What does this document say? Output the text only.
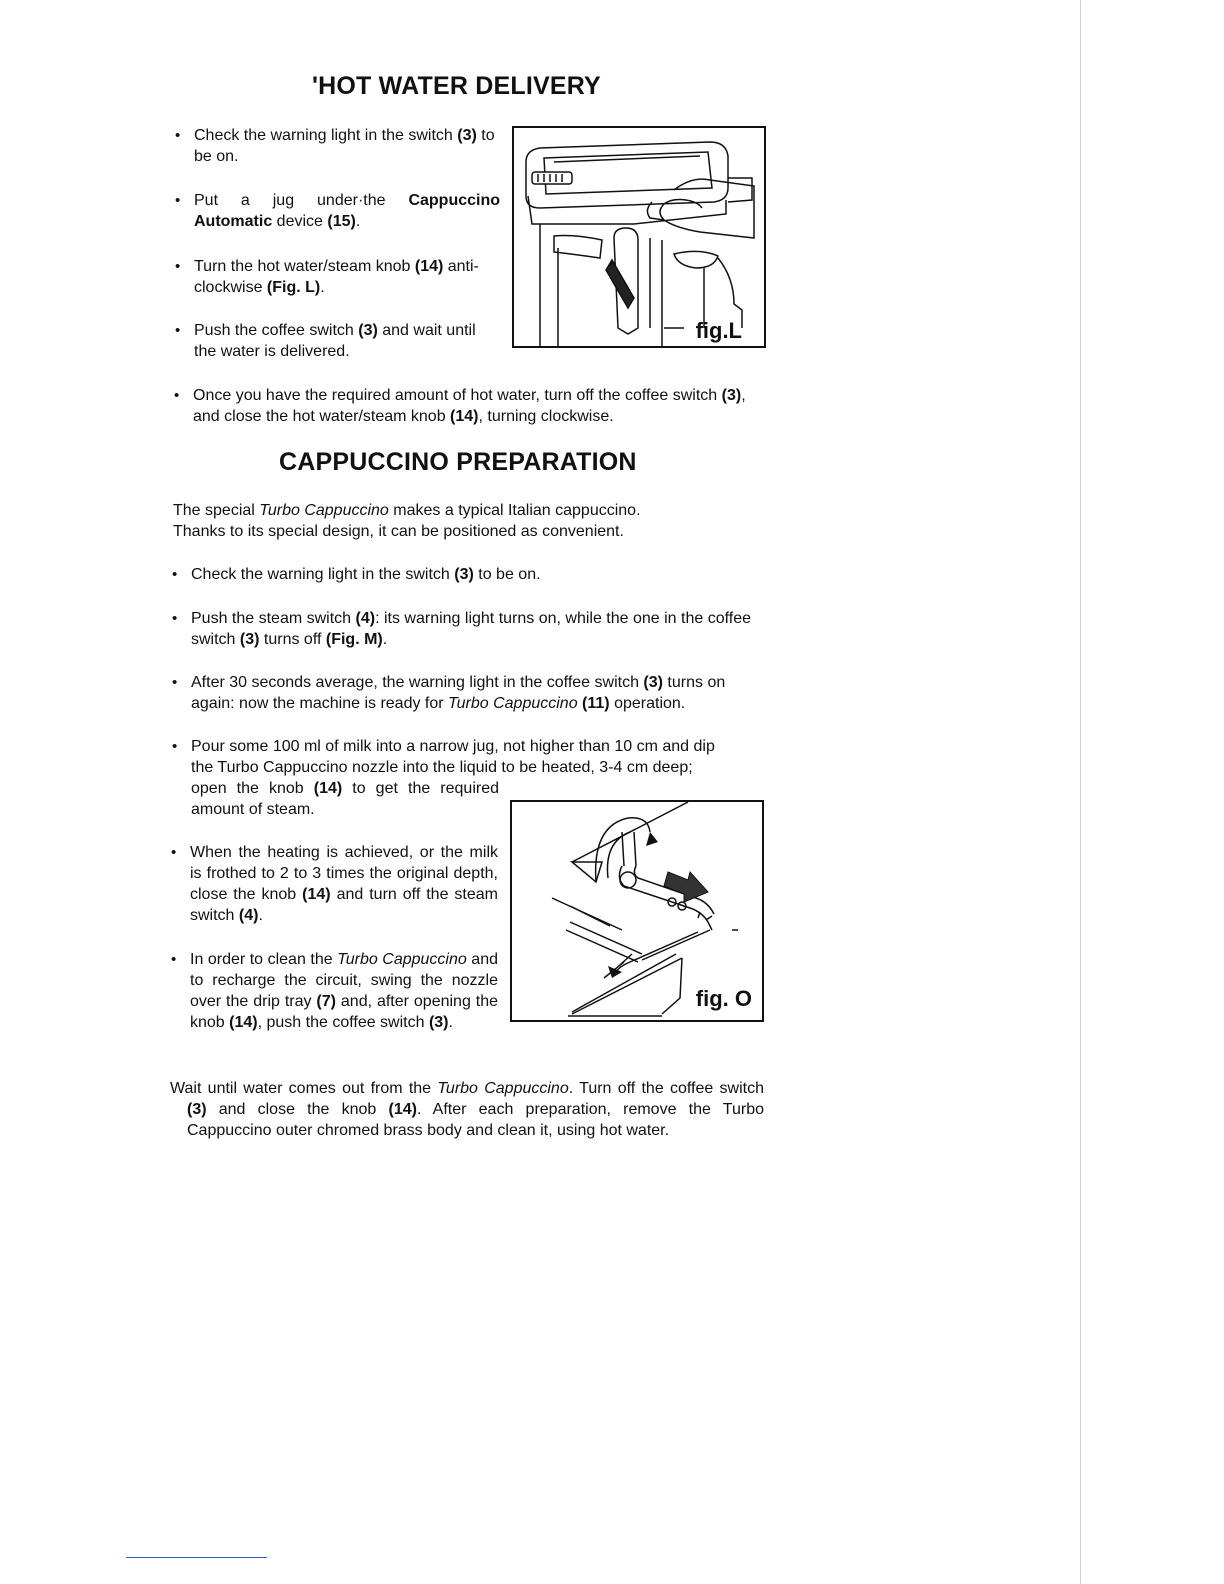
'HOT WATER DELIVERY
• Check the warning light in the switch (3) to be on.
• Put a jug under·the Cappuccino Automatic device (15).
• Turn the hot water/steam knob (14) anti-clockwise (Fig. L).
• Push the coffee switch (3) and wait until the water is delivered.
• Once you have the required amount of hot water, turn off the coffee switch (3), and close the hot water/steam knob (14), turning clockwise.
fig.L
CAPPUCCINO PREPARATION
The special Turbo Cappuccino makes a typical Italian cappuccino.
Thanks to its special design, it can be positioned as convenient.
• Check the warning light in the switch (3) to be on.
• Push the steam switch (4): its warning light turns on, while the one in the coffee switch (3) turns off (Fig. M).
• After 30 seconds average, the warning light in the coffee switch (3) turns on again: now the machine is ready for Turbo Cappuccino (11) operation.
• Pour some 100 ml of milk into a narrow jug, not higher than 10 cm and dip
the Turbo Cappuccino nozzle into the liquid to be heated, 3-4 cm deep;
open the knob (14) to get the required amount of steam.
• When the heating is achieved, or the milk is frothed to 2 to 3 times the original depth, close the knob (14) and turn off the steam switch (4).
• In order to clean the Turbo Cappuccino and to recharge the circuit, swing the nozzle over the drip tray (7) and, after opening the knob (14), push the coffee switch (3).
fig. O
Wait until water comes out from the Turbo Cappuccino. Turn off the coffee switch (3) and close the knob (14). After each preparation, remove the Turbo Cappuccino outer chromed brass body and clean it, using hot water.
